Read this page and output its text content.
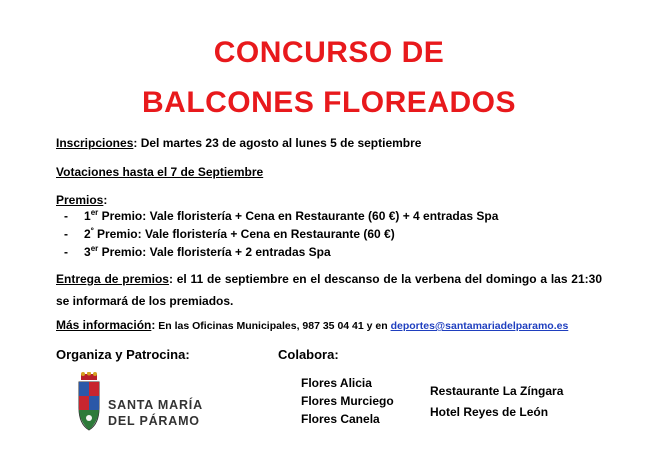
CONCURSO DE
BALCONES FLOREADOS
Inscripciones: Del martes 23 de agosto al lunes 5 de septiembre
Votaciones hasta el 7 de Septiembre
Premios:
- 1er Premio: Vale floristería + Cena en Restaurante (60 €) + 4 entradas Spa
- $2^º$ Premio: Vale floristería + Cena en Restaurante (60 €)
- 3er Premio: Vale floristería + 2 entradas Spa
Entrega de premios: el 11 de septiembre en el descanso de la verbena del domingo a las 21:30 se informará de los premiados.
Más información: En las Oficinas Municipales, 987 35 04 41 y en deportes@santamariadelparamo.es
Organiza y Patrocina:	Colabora:
SANTA MARÍA
DEL PÁRAMO
Flores Alicia
Flores Murciego
Flores Canela
Restaurante La Zíngara
Hotel Reyes de León
